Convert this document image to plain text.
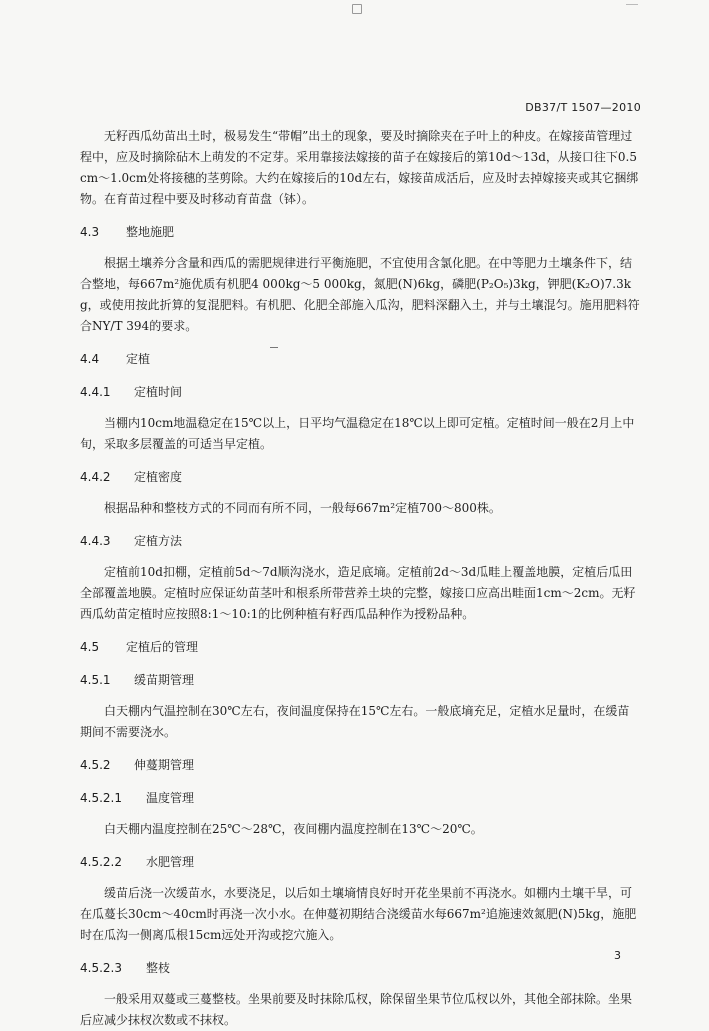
DB37/T 1507—2010

无籽西瓜幼苗出土时，极易发生“带帽”出土的现象，要及时摘除夹在子叶上的种皮。在嫁接苗管理过程中，应及时摘除砧木上萌发的不定芽。采用靠接法嫁接的苗子在嫁接后的第10d～13d，从接口往下0.5cm～1.0cm处将接穗的茎剪除。大约在嫁接后的10d左右，嫁接苗成活后，应及时去掉嫁接夹或其它捆绑物。在育苗过程中要及时移动育苗盘（钵）。

4.3 整地施肥

根据土壤养分含量和西瓜的需肥规律进行平衡施肥，不宜使用含氯化肥。在中等肥力土壤条件下，结合整地，每667m²施优质有机肥4 000kg～5 000kg，氮肥(N)6kg，磷肥(P₂O₅)3kg，钾肥(K₂O)7.3kg，或使用按此折算的复混肥料。有机肥、化肥全部施入瓜沟，肥料深翻入土，并与土壤混匀。施用肥料符合NY/T 394的要求。

4.4 定植
4.4.1 定植时间

当棚内10cm地温稳定在15℃以上，日平均气温稳定在18℃以上即可定植。定植时间一般在2月上中旬，采取多层覆盖的可适当早定植。

4.4.2 定植密度

根据品种和整枝方式的不同而有所不同，一般每667m²定植700～800株。

4.4.3 定植方法

定植前10d扣棚，定植前5d～7d顺沟浇水，造足底墒。定植前2d～3d瓜畦上覆盖地膜，定植后瓜田全部覆盖地膜。定植时应保证幼苗茎叶和根系所带营养土块的完整，嫁接口应高出畦面1cm～2cm。无籽西瓜幼苗定植时应按照8:1～10:1的比例种植有籽西瓜品种作为授粉品种。

4.5 定植后的管理
4.5.1 缓苗期管理

白天棚内气温控制在30℃左右，夜间温度保持在15℃左右。一般底墒充足，定植水足量时，在缓苗期间不需要浇水。

4.5.2 伸蔓期管理
4.5.2.1 温度管理

白天棚内温度控制在25℃～28℃，夜间棚内温度控制在13℃～20℃。

4.5.2.2 水肥管理

缓苗后浇一次缓苗水，水要浇足，以后如土壤墒情良好时开花坐果前不再浇水。如棚内土壤干旱，可在瓜蔓长30cm～40cm时再浇一次小水。在伸蔓初期结合浇缓苗水每667m²追施速效氮肥(N)5kg，施肥时在瓜沟一侧离瓜根15cm远处开沟或挖穴施入。

4.5.2.3 整枝

一般采用双蔓或三蔓整枝。坐果前要及时抹除瓜杈，除保留坐果节位瓜杈以外，其他全部抹除。坐果后应减少抹杈次数或不抹杈。

3
